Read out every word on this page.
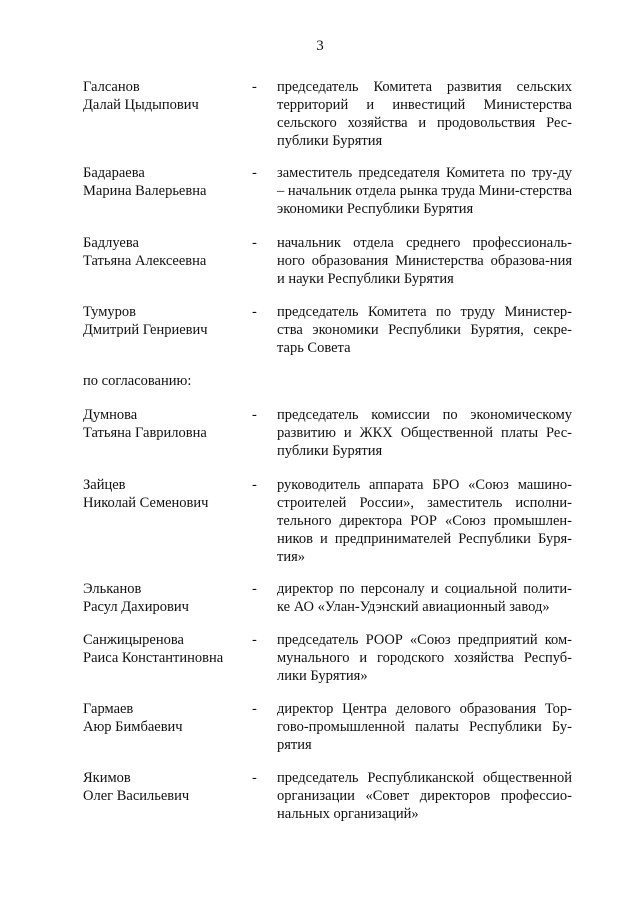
3
Галсанов
Далай Цыдыпович
- председатель Комитета развития сельских территорий и инвестиций Министерства сельского хозяйства и продовольствия Рес-публики Бурятия
Бадараева
Марина Валерьевна
- заместитель председателя Комитета по тру-ду – начальник отдела рынка труда Мини-стерства экономики Республики Бурятия
Бадлуева
Татьяна Алексеевна
- начальник отдела среднего профессиональ-ного образования Министерства образова-ния и науки Республики Бурятия
Тумуров
Дмитрий Генриевич
- председатель Комитета по труду Министер-ства экономики Республики Бурятия, секре-тарь Совета
по согласованию:
Думнова
Татьяна Гавриловна
- председатель комиссии по экономическому развитию и ЖКХ Общественной платы Рес-публики Бурятия
Зайцев
Николай Семенович
- руководитель аппарата БРО «Союз машино-строителей России», заместитель исполни-тельного директора РОР «Союз промышлен-ников и предпринимателей Республики Буря-тия»
Эльканов
Расул Дахирович
- директор по персоналу и социальной полити-ке АО «Улан-Удэнский авиационный завод»
Санжицыренова
Раиса Константиновна
- председатель РООР «Союз предприятий ком-мунального и городского хозяйства Респуб-лики Бурятия»
Гармаев
Аюр Бимбаевич
- директор Центра делового образования Тор-гово-промышленной палаты Республики Бу-рятия
Якимов
Олег Васильевич
- председатель Республиканской общественной организации «Совет директоров профессио-нальных организаций»
